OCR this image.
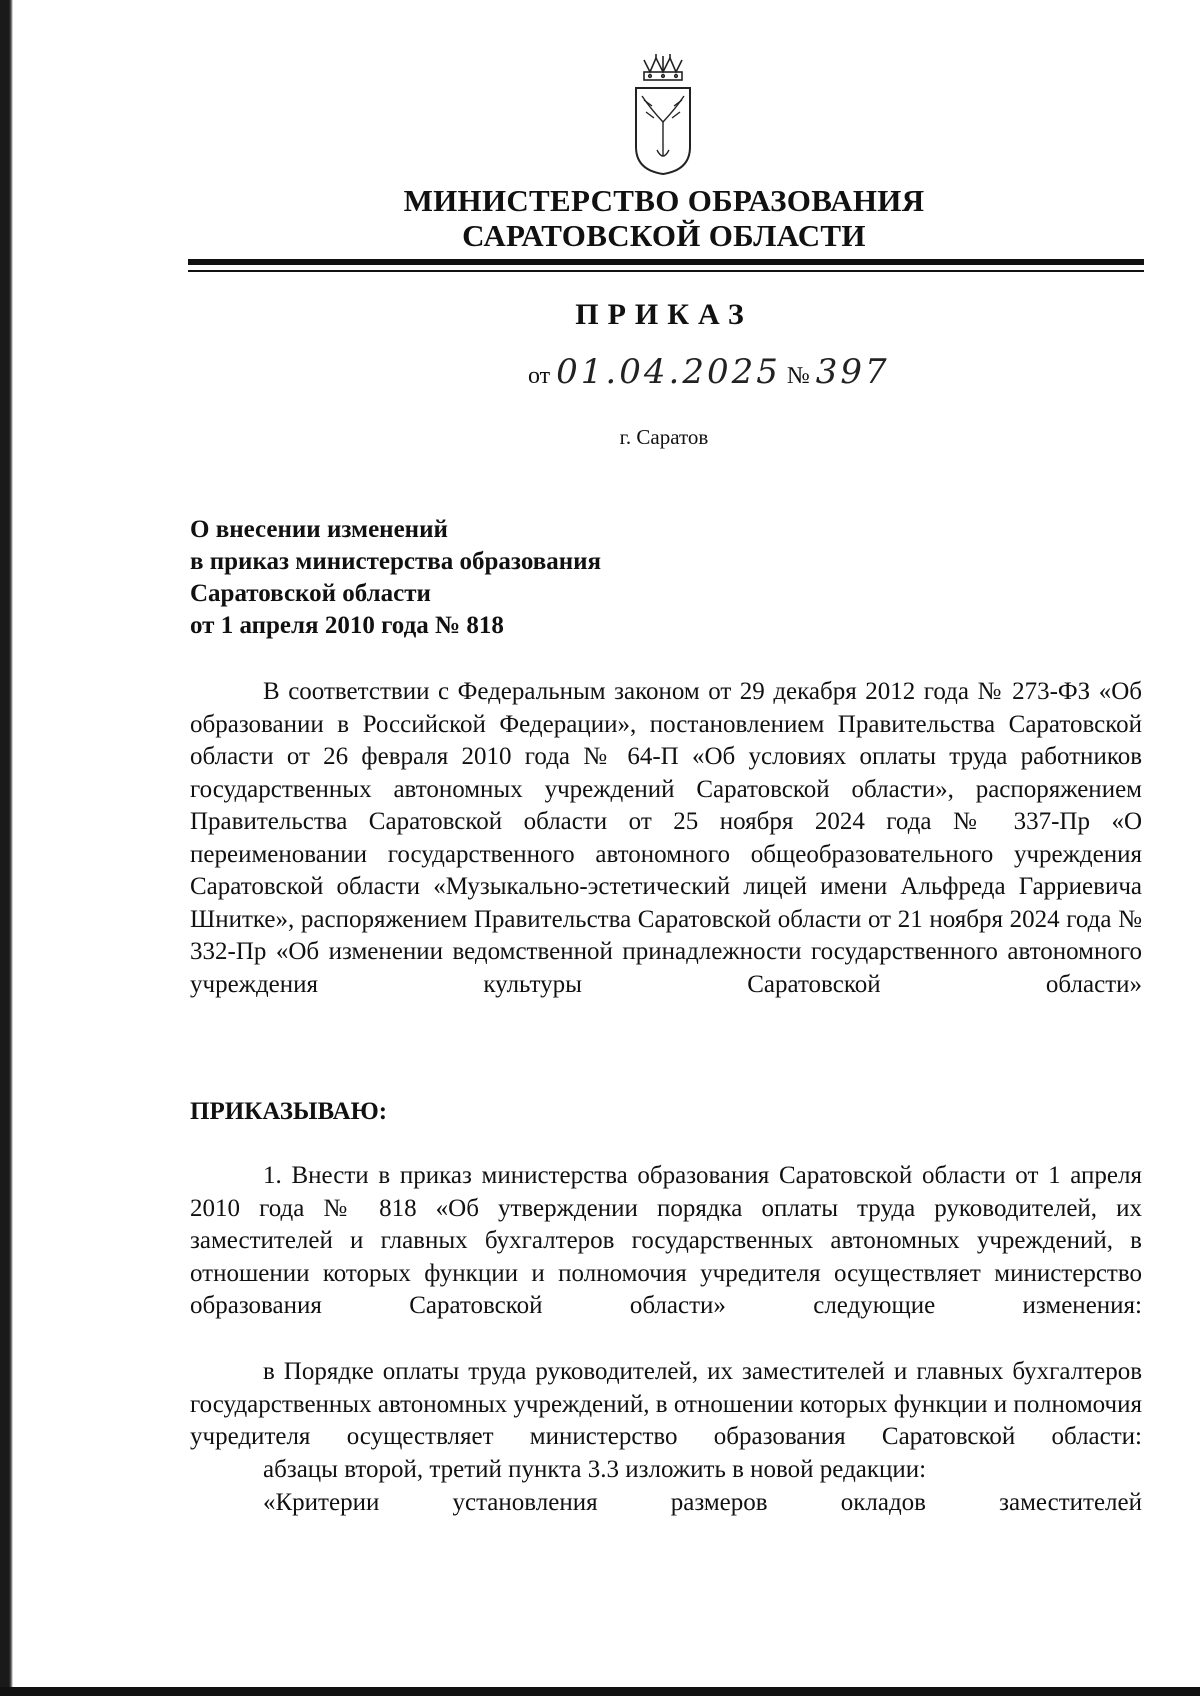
МИНИСТЕРСТВО ОБРАЗОВАНИЯ
САРАТОВСКОЙ ОБЛАСТИ
ПРИКАЗ
от 01.04.2025 № 397
г. Саратов
О внесении изменений
в приказ министерства образования
Саратовской области
от 1 апреля 2010 года № 818
В соответствии с Федеральным законом от 29 декабря 2012 года № 273-ФЗ «Об образовании в Российской Федерации», постановлением Правительства Саратовской области от 26 февраля 2010 года № 64-П «Об условиях оплаты труда работников государственных автономных учреждений Саратовской области», распоряжением Правительства Саратовской области от 25 ноября 2024 года № 337-Пр «О переименовании государственного автономного общеобразовательного учреждения Саратовской области «Музыкально-эстетический лицей имени Альфреда Гарриевича Шнитке», распоряжением Правительства Саратовской области от 21 ноября 2024 года № 332-Пр «Об изменении ведомственной принадлежности государственного автономного учреждения культуры Саратовской области»
ПРИКАЗЫВАЮ:
1. Внести в приказ министерства образования Саратовской области от 1 апреля 2010 года № 818 «Об утверждении порядка оплаты труда руководителей, их заместителей и главных бухгалтеров государственных автономных учреждений, в отношении которых функции и полномочия учредителя осуществляет министерство образования Саратовской области» следующие изменения:
в Порядке оплаты труда руководителей, их заместителей и главных бухгалтеров государственных автономных учреждений, в отношении которых функции и полномочия учредителя осуществляет министерство образования Саратовской области:
абзацы второй, третий пункта 3.3 изложить в новой редакции:
«Критерии установления размеров окладов заместителей
